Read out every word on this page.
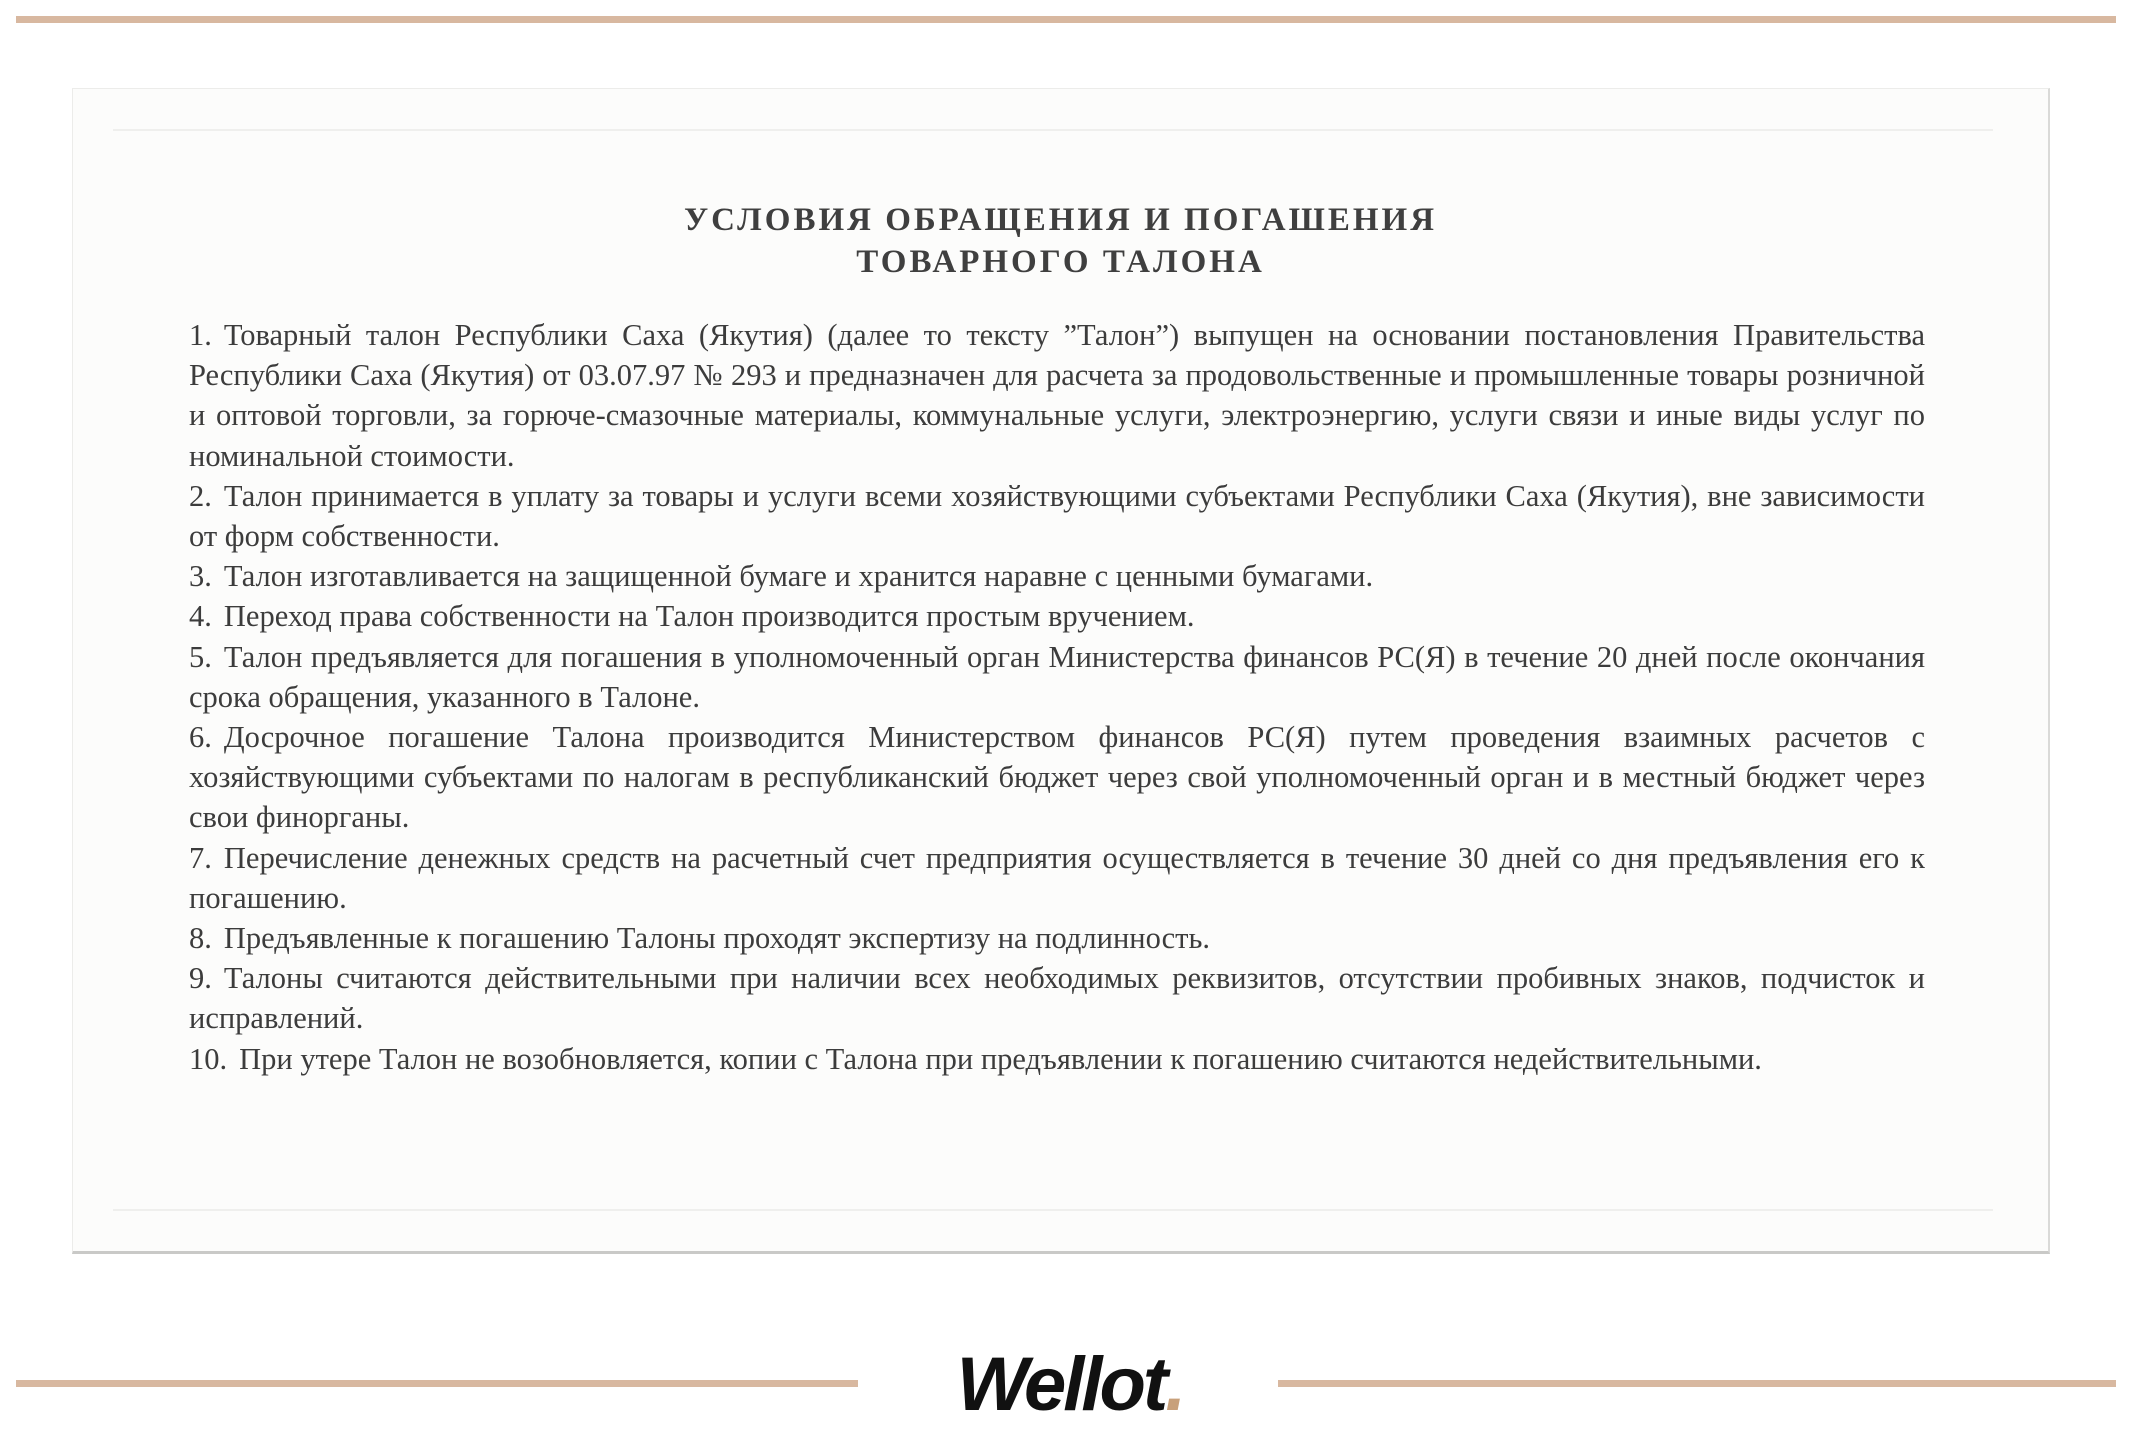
УСЛОВИЯ ОБРАЩЕНИЯ И ПОГАШЕНИЯ
ТОВАРНОГО ТАЛОНА

1. Товарный талон Республики Саха (Якутия) (далее то тексту ”Талон”) выпущен на основании постановления Правительства Республики Саха (Якутия) от 03.07.97 № 293 и предназначен для расчета за продовольственные и промышленные товары розничной и оптовой торговли, за горюче-смазочные материалы, коммунальные услуги, электроэнергию, услуги связи и иные виды услуг по номинальной стоимости.

2. Талон принимается в уплату за товары и услуги всеми хозяйствующими субъектами Республики Саха (Якутия), вне зависимости от форм собственности.

3. Талон изготавливается на защищенной бумаге и хранится наравне с ценными бумагами.

4. Переход права собственности на Талон производится простым вручением.

5. Талон предъявляется для погашения в уполномоченный орган Министерства финансов РС(Я) в течение 20 дней после окончания срока обращения, указанного в Талоне.

6. Досрочное погашение Талона производится Министерством финансов РС(Я) путем проведения взаимных расчетов с хозяйствующими субъектами по налогам в республиканский бюджет через свой уполномоченный орган и в местный бюджет через свои финорганы.

7. Перечисление денежных средств на расчетный счет предприятия осуществляется в течение 30 дней со дня предъявления его к погашению.

8. Предъявленные к погашению Талоны проходят экспертизу на подлинность.

9. Талоны считаются действительными при наличии всех необходимых реквизитов, отсутствии пробивных знаков, подчисток и исправлений.

10. При утере Талон не возобновляется, копии с Талона при предъявлении к погашению считаются недействительными.

Wellot.
